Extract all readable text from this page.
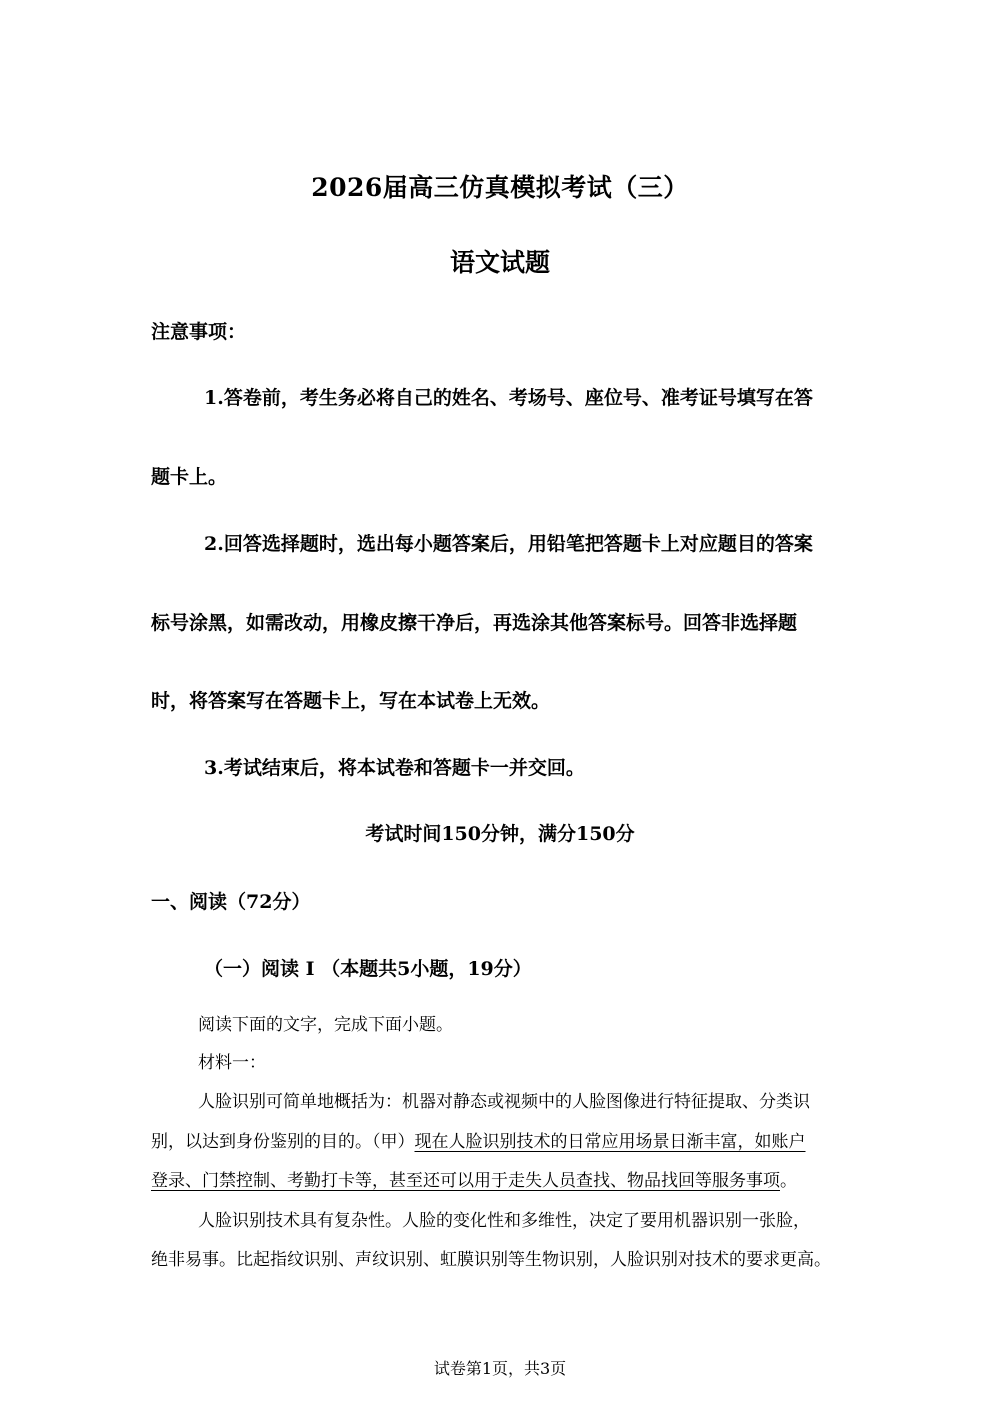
2026届高三仿真模拟考试（三）
语文试题
注意事项：
1.答卷前，考生务必将自己的姓名、考场号、座位号、准考证号填写在答
题卡上。
2.回答选择题时，选出每小题答案后，用铅笔把答题卡上对应题目的答案
标号涂黑，如需改动，用橡皮擦干净后，再选涂其他答案标号。回答非选择题
时，将答案写在答题卡上，写在本试卷上无效。
3.考试结束后，将本试卷和答题卡一并交回。
考试时间150分钟，满分150分
一、阅读（72分）
（一）阅读 I （本题共5小题，19分）
阅读下面的文字，完成下面小题。
材料一：
人脸识别可简单地概括为：机器对静态或视频中的人脸图像进行特征提取、分类识
别，以达到身份鉴别的目的。（甲）现在人脸识别技术的日常应用场景日渐丰富，如账户
登录、门禁控制、考勤打卡等，甚至还可以用于走失人员查找、物品找回等服务事项。
人脸识别技术具有复杂性。人脸的变化性和多维性，决定了要用机器识别一张脸，
绝非易事。比起指纹识别、声纹识别、虹膜识别等生物识别，人脸识别对技术的要求更高。
试卷第1页，共3页
